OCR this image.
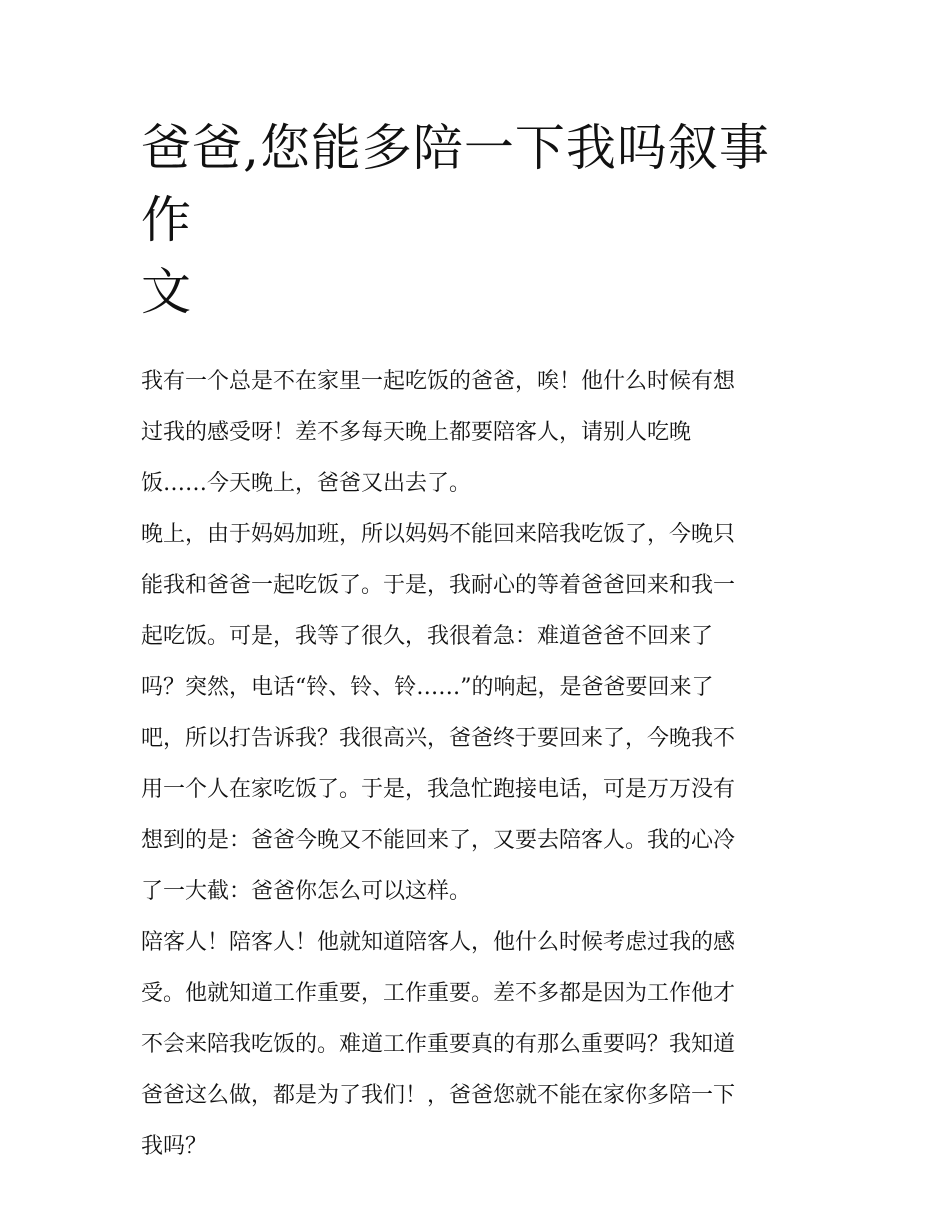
爸爸,您能多陪一下我吗叙事作
文

我有一个总是不在家里一起吃饭的爸爸，唉！他什么时候有想
过我的感受呀！差不多每天晚上都要陪客人，请别人吃晚
饭……今天晚上，爸爸又出去了。

晚上，由于妈妈加班，所以妈妈不能回来陪我吃饭了，今晚只
能我和爸爸一起吃饭了。于是，我耐心的等着爸爸回来和我一
起吃饭。可是，我等了很久，我很着急：难道爸爸不回来了
吗？突然，电话“铃、铃、铃……”的响起，是爸爸要回来了
吧，所以打告诉我？我很高兴，爸爸终于要回来了，今晚我不
用一个人在家吃饭了。于是，我急忙跑接电话，可是万万没有
想到的是：爸爸今晚又不能回来了，又要去陪客人。我的心冷
了一大截：爸爸你怎么可以这样。

陪客人！陪客人！他就知道陪客人，他什么时候考虑过我的感
受。他就知道工作重要，工作重要。差不多都是因为工作他才
不会来陪我吃饭的。难道工作重要真的有那么重要吗？我知道
爸爸这么做，都是为了我们！，爸爸您就不能在家你多陪一下
我吗？
